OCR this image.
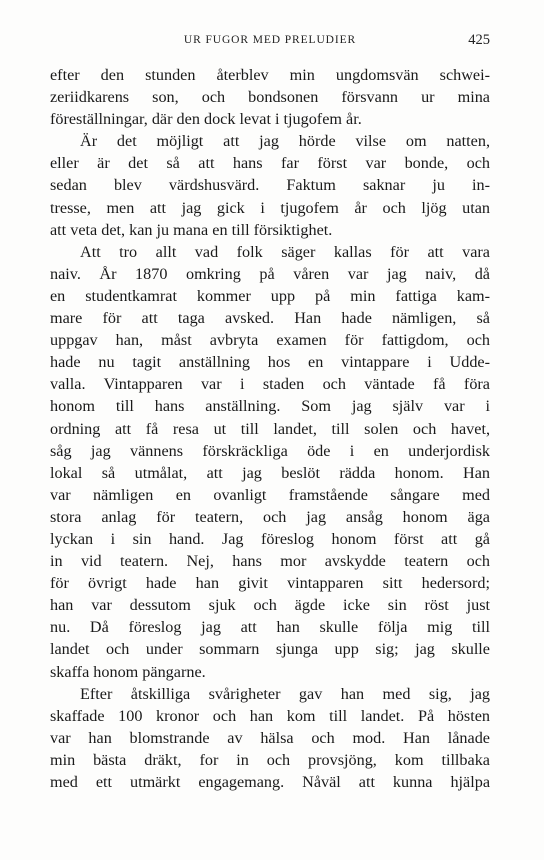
UR FUGOR MED PRELUDIER	425
efter den stunden återblev min ungdomsvän schwei-
zeriidkarens son, och bondsonen försvann ur mina
föreställningar, där den dock levat i tjugofem år.
Är det möjligt att jag hörde vilse om natten,
eller är det så att hans far först var bonde, och
sedan blev värdshusvärd. Faktum saknar ju in-
tresse, men att jag gick i tjugofem år och ljög utan
att veta det, kan ju mana en till försiktighet.
Att tro allt vad folk säger kallas för att vara
naiv. År 1870 omkring på våren var jag naiv, då
en studentkamrat kommer upp på min fattiga kam-
mare för att taga avsked. Han hade nämligen, så
uppgav han, måst avbryta examen för fattigdom, och
hade nu tagit anställning hos en vintappare i Udde-
valla. Vintapparen var i staden och väntade få föra
honom till hans anställning. Som jag själv var i
ordning att få resa ut till landet, till solen och havet,
såg jag vännens förskräckliga öde i en underjordisk
lokal så utmålat, att jag beslöt rädda honom. Han
var nämligen en ovanligt framstående sångare med
stora anlag för teatern, och jag ansåg honom äga
lyckan i sin hand. Jag föreslog honom först att gå
in vid teatern. Nej, hans mor avskydde teatern och
för övrigt hade han givit vintapparen sitt hedersord;
han var dessutom sjuk och ägde icke sin röst just
nu. Då föreslog jag att han skulle följa mig till
landet och under sommarn sjunga upp sig; jag skulle
skaffa honom pängarne.
Efter åtskilliga svårigheter gav han med sig, jag
skaffade 100 kronor och han kom till landet. På hösten
var han blomstrande av hälsa och mod. Han lånade
min bästa dräkt, for in och provsjöng, kom tillbaka
med ett utmärkt engagemang. Nåväl att kunna hjälpa
